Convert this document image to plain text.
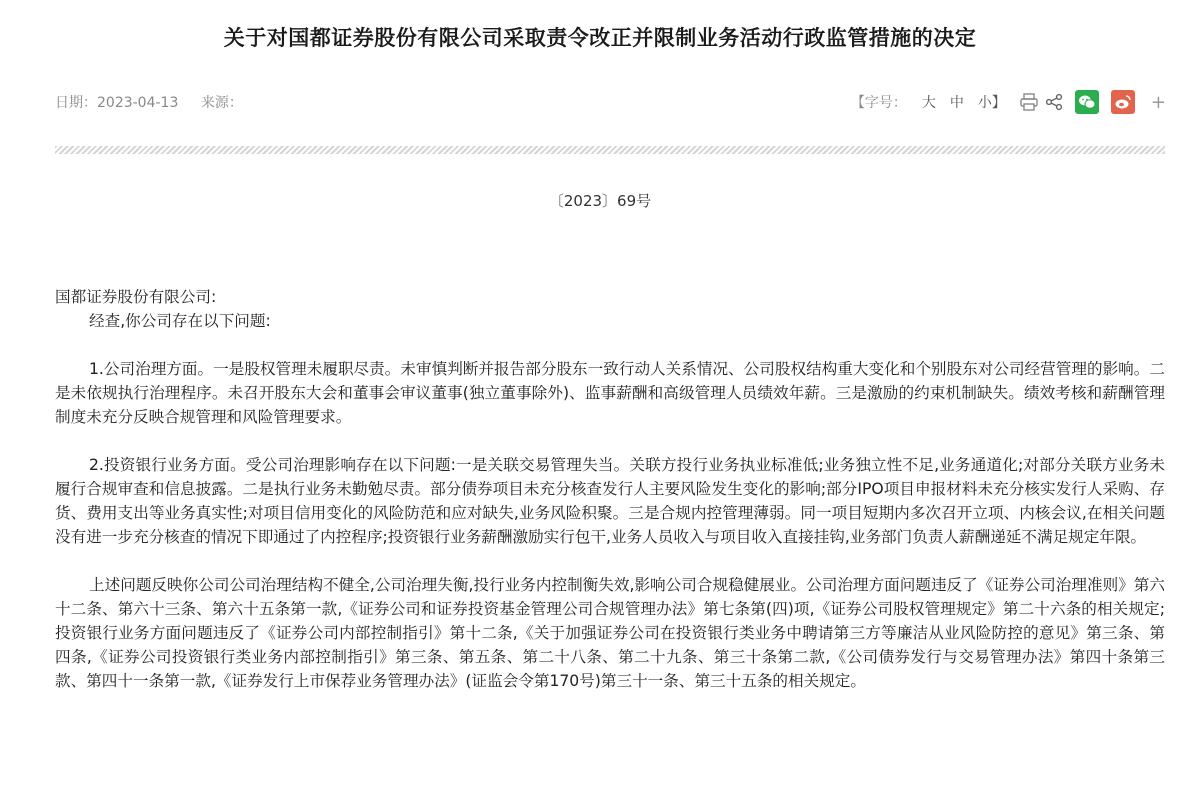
关于对国都证券股份有限公司采取责令改正并限制业务活动行政监管措施的决定
日期：2023-04-13 来源：	【字号： 大 中 小】	+
〔2023〕69号

国都证券股份有限公司:

经查,你公司存在以下问题:

1.公司治理方面。一是股权管理未履职尽责。未审慎判断并报告部分股东一致行动人关系情况、公司股权结构重大变化和个别股东对公司经营管理的影响。二是未依规执行治理程序。未召开股东大会和董事会审议董事(独立董事除外)、监事薪酬和高级管理人员绩效年薪。三是激励的约束机制缺失。绩效考核和薪酬管理制度未充分反映合规管理和风险管理要求。

2.投资银行业务方面。受公司治理影响存在以下问题:一是关联交易管理失当。关联方投行业务执业标准低;业务独立性不足,业务通道化;对部分关联方业务未履行合规审查和信息披露。二是执行业务未勤勉尽责。部分债券项目未充分核查发行人主要风险发生变化的影响;部分IPO项目申报材料未充分核实发行人采购、存货、费用支出等业务真实性;对项目信用变化的风险防范和应对缺失,业务风险积聚。三是合规内控管理薄弱。同一项目短期内多次召开立项、内核会议,在相关问题没有进一步充分核查的情况下即通过了内控程序;投资银行业务薪酬激励实行包干,业务人员收入与项目收入直接挂钩,业务部门负责人薪酬递延不满足规定年限。

上述问题反映你公司公司治理结构不健全,公司治理失衡,投行业务内控制衡失效,影响公司合规稳健展业。公司治理方面问题违反了《证券公司治理准则》第六十二条、第六十三条、第六十五条第一款,《证券公司和证券投资基金管理公司合规管理办法》第七条第(四)项,《证券公司股权管理规定》第二十六条的相关规定;投资银行业务方面问题违反了《证券公司内部控制指引》第十二条,《关于加强证券公司在投资银行类业务中聘请第三方等廉洁从业风险防控的意见》第三条、第四条,《证券公司投资银行类业务内部控制指引》第三条、第五条、第二十八条、第二十九条、第三十条第二款,《公司债券发行与交易管理办法》第四十条第三款、第四十一条第一款,《证券发行上市保荐业务管理办法》(证监会令第170号)第三十一条、第三十五条的相关规定。
